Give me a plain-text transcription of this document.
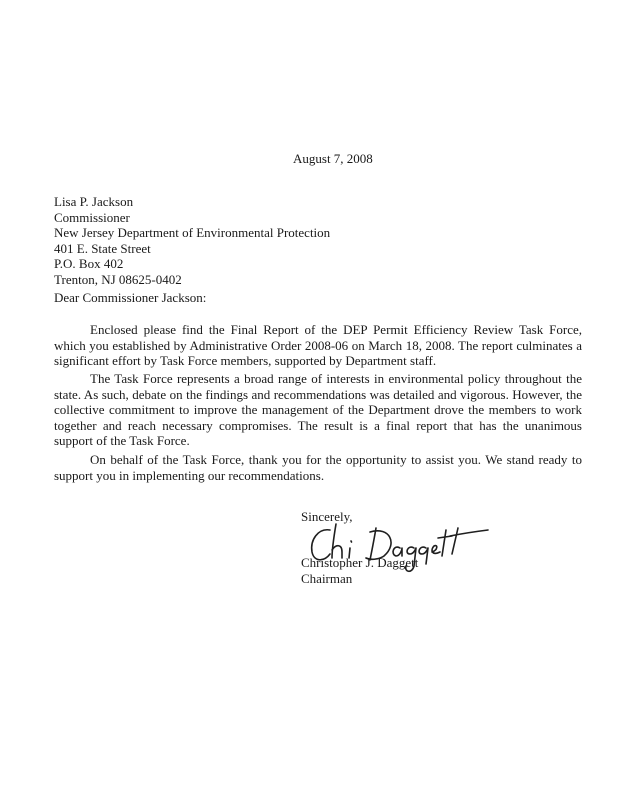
August 7, 2008

Lisa P. Jackson
Commissioner
New Jersey Department of Environmental Protection
401 E. State Street
P.O. Box 402
Trenton, NJ 08625-0402

Dear Commissioner Jackson:

Enclosed please find the Final Report of the DEP Permit Efficiency Review Task Force, which you established by Administrative Order 2008-06 on March 18, 2008. The report culminates a significant effort by Task Force members, supported by Department staff.

The Task Force represents a broad range of interests in environmental policy throughout the state. As such, debate on the findings and recommendations was detailed and vigorous. However, the collective commitment to improve the management of the Department drove the members to work together and reach necessary compromises. The result is a final report that has the unanimous support of the Task Force.

On behalf of the Task Force, thank you for the opportunity to assist you. We stand ready to support you in implementing our recommendations.

Sincerely,

Christopher J. Daggett

Chairman
